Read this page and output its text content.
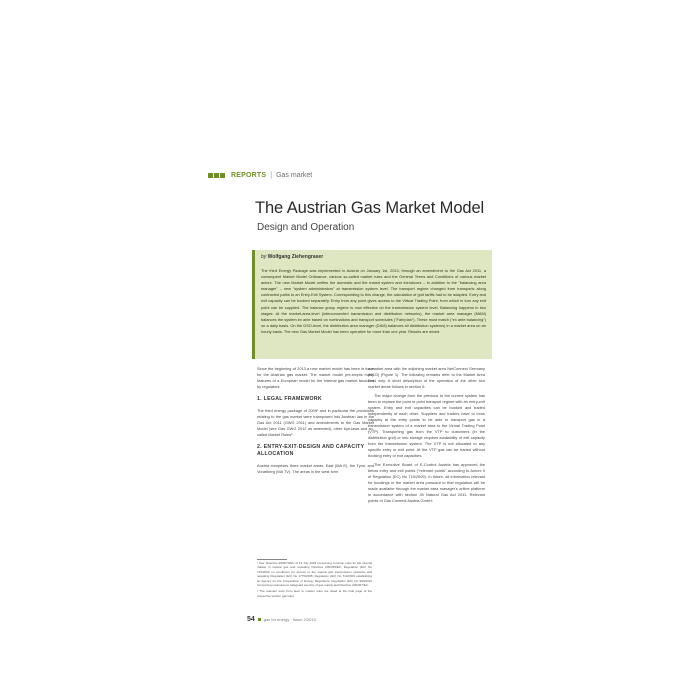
REPORTS | Gas market
The Austrian Gas Market Model
Design and Operation
by Wolfgang Ziehengraser

The third Energy Package was implemented in Austria on January 1st, 2013, through an amendment to the Gas Act 2011, a consequent Market Model Ordinance, various so-called market rules and the General Terms and Conditions of various market actors. The new Market Model unifies the domestic and the transit system and introduces – in addition to the "balancing area manager" – new "system administrators" at transmission system level. The transport regime changed from transports along contracted paths to an Entry-Exit System. Corresponding to this change, the calculation of grid tariffs had to be adapted. Entry and exit capacity can be booked separately. Entry from any point gives access to the Virtual Trading Point, from which in turn any exit point can be supplied. The balance group regime is now effective on the transmission system level. Balancing happens in two stages: At the market-area-level (interconnected transmission and distribution networks), the market area manager (MAM) balances the system ex ante based on nominations and transport schedules ("Fahrplan"). These must match ("ex ante balancing") on a daily basis. On the DSO-level, the distribution area manager (DAM) balances all distribution systems) in a market area on an hourly basis. The new Gas Market Model has been operative for more than one year. Results are mixed.

Since the beginning of 2013 a new market model has been in force for the Austrian gas market. The market model pre-empts many features of a European model for the internal gas market favoured by regulators.

1. LEGAL FRAMEWORK

The third energy package of 2009¹ and in particular the provisions relating to the gas market were transposed into Austrian law in the Gas Act 2011 (GWG 2011) and amendments to the Gas Market Model (see Gas GWG 2012 as amended), other bye-laws and so-called Market Rules².

2. ENTRY-EXIT-DESIGN AND CAPACITY ALLOCATION

Austria comprises three market areas, East (MA E), the Tyrol, and Vorarlberg (MA TV). The areas in the west form

¹ See: Directive 2009/73/EC of 13 July 2009 concerning common rules for the internal market in natural gas and repealing Directive 2003/55/EC; Regulation (EC) No 715/2009 on conditions for access to the natural gas transmission networks and repealing Regulation (EC) No 1775/2005; Regulation (EC) No 713/2009 establishing an Agency for the Cooperation of Energy Regulators; Regulation (EC) No 994/2010 concerning measures to safeguard security of gas supply and Directive 2004/67/EC.

² The relevant texts from laws to market rules are listed at the final page of the respective section (german).

a market area with the adjoining market area NetConnect Germany (NCG) (Figure 1). The following remarks refer to the Market Area East only. A short description of the operation of the other two market areas follows in section 6.

The major change from the previous to the current system has been to replace the point to point transport regime with an entry-exit system. Entry and exit capacities can be booked and traded independently of each other. Suppliers and traders have to book capacity at the entry points to be able to transport gas in a transmission system of a market area to the Virtual Trading Point (VTP). Transporting gas from the VTP to customers (in the distribution grid) or into storage requires availability of exit capacity from the transmission system. The VTP is not allocated to any specific entry or exit point. At the VTP gas can be traded without booking entry or exit capacities.

The Executive Board of E-Control Austria has approved the below entry and exit points ("relevant points" according to Annex II of Regulation (EC) No 715/2009). In future, all information relevant for bookings in the market area pursuant to that regulation will be made available through the market area manager's online platform in accordance with section 39 Natural Gas Act 2011. Relevant points of Gas Connect Austria GmbH:

54 gas for energy · Issue 2/2014
